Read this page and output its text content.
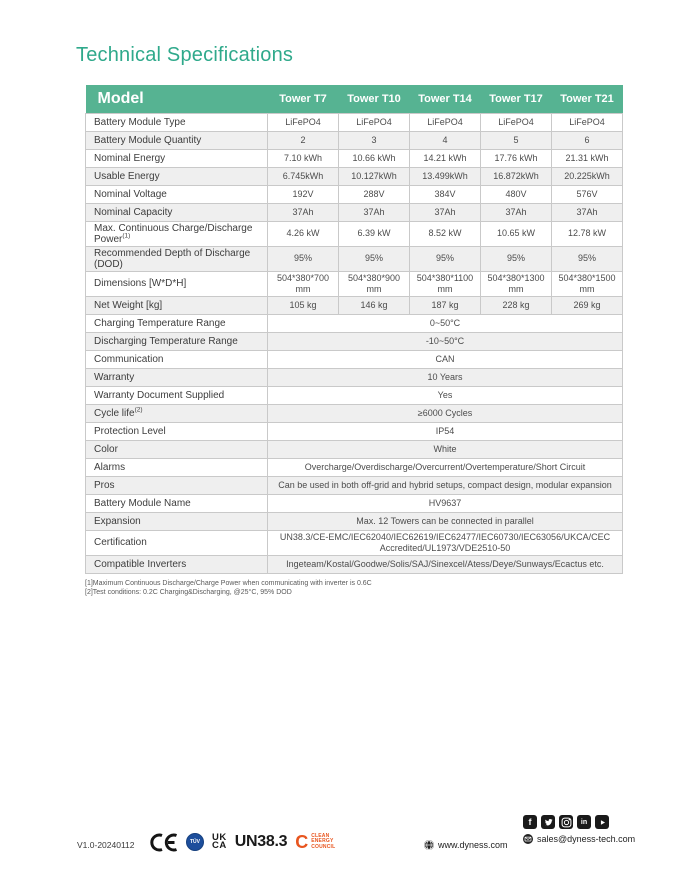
Technical Specifications
Model	Tower T7	Tower T10	Tower T14	Tower T17	Tower T21
Battery Module Type	LiFePO4	LiFePO4	LiFePO4	LiFePO4	LiFePO4
Battery Module Quantity	2	3	4	5	6
Nominal Energy	7.10 kWh	10.66 kWh	14.21 kWh	17.76 kWh	21.31 kWh
Usable Energy	6.745kWh	10.127kWh	13.499kWh	16.872kWh	20.225kWh
Nominal Voltage	192V	288V	384V	480V	576V
Nominal Capacity	37Ah	37Ah	37Ah	37Ah	37Ah
Max. Continuous Charge/Discharge Power$^{(1)}$	4.26 kW	6.39 kW	8.52 kW	10.65 kW	12.78 kW
Recommended Depth of Discharge (DOD)	95%	95%	95%	95%	95%
Dimensions [W*D*H]	504*380*700 mm	504*380*900 mm	504*380*1100 mm	504*380*1300 mm	504*380*1500 mm
Net Weight [kg]	105 kg	146 kg	187 kg	228 kg	269 kg
Charging Temperature Range	0~50°C				
Discharging Temperature Range	-10~50°C				
Communication	CAN				
Warranty	10 Years				
Warranty Document Supplied	Yes				
Cycle life$^{(2)}$	≥6000 Cycles				
Protection Level	IP54				
Color	White				
Alarms	Overcharge/Overdischarge/Overcurrent/Overtemperature/Short Circuit				
Pros	Can be used in both off-grid and hybrid setups, compact design, modular expansion				
Battery Module Name	HV9637				
Expansion	Max. 12 Towers can be connected in parallel				
Certification	UN38.3/CE-EMC/IEC62040/IEC62619/IEC62477/IEC60730/IEC63056/UKCA/CEC Accredited/UL1973/VDE2510-50				
Compatible Inverters	Ingeteam/Kostal/Goodwe/Solis/SAJ/Sinexcel/Atess/Deye/Sunways/Ecactus etc.				
[1]Maximum Continuous Discharge/Charge Power when communicating with inverter is 0.6C
[2]Test conditions: 0.2C Charging&Discharging, @25°C, 95% DOD
V1.0-20240112	TÜV	UK
CA UN38.3 C CLEAN
ENERGY
COUNCIL	www.dyness.com
f	in
sales@dyness-tech.com
